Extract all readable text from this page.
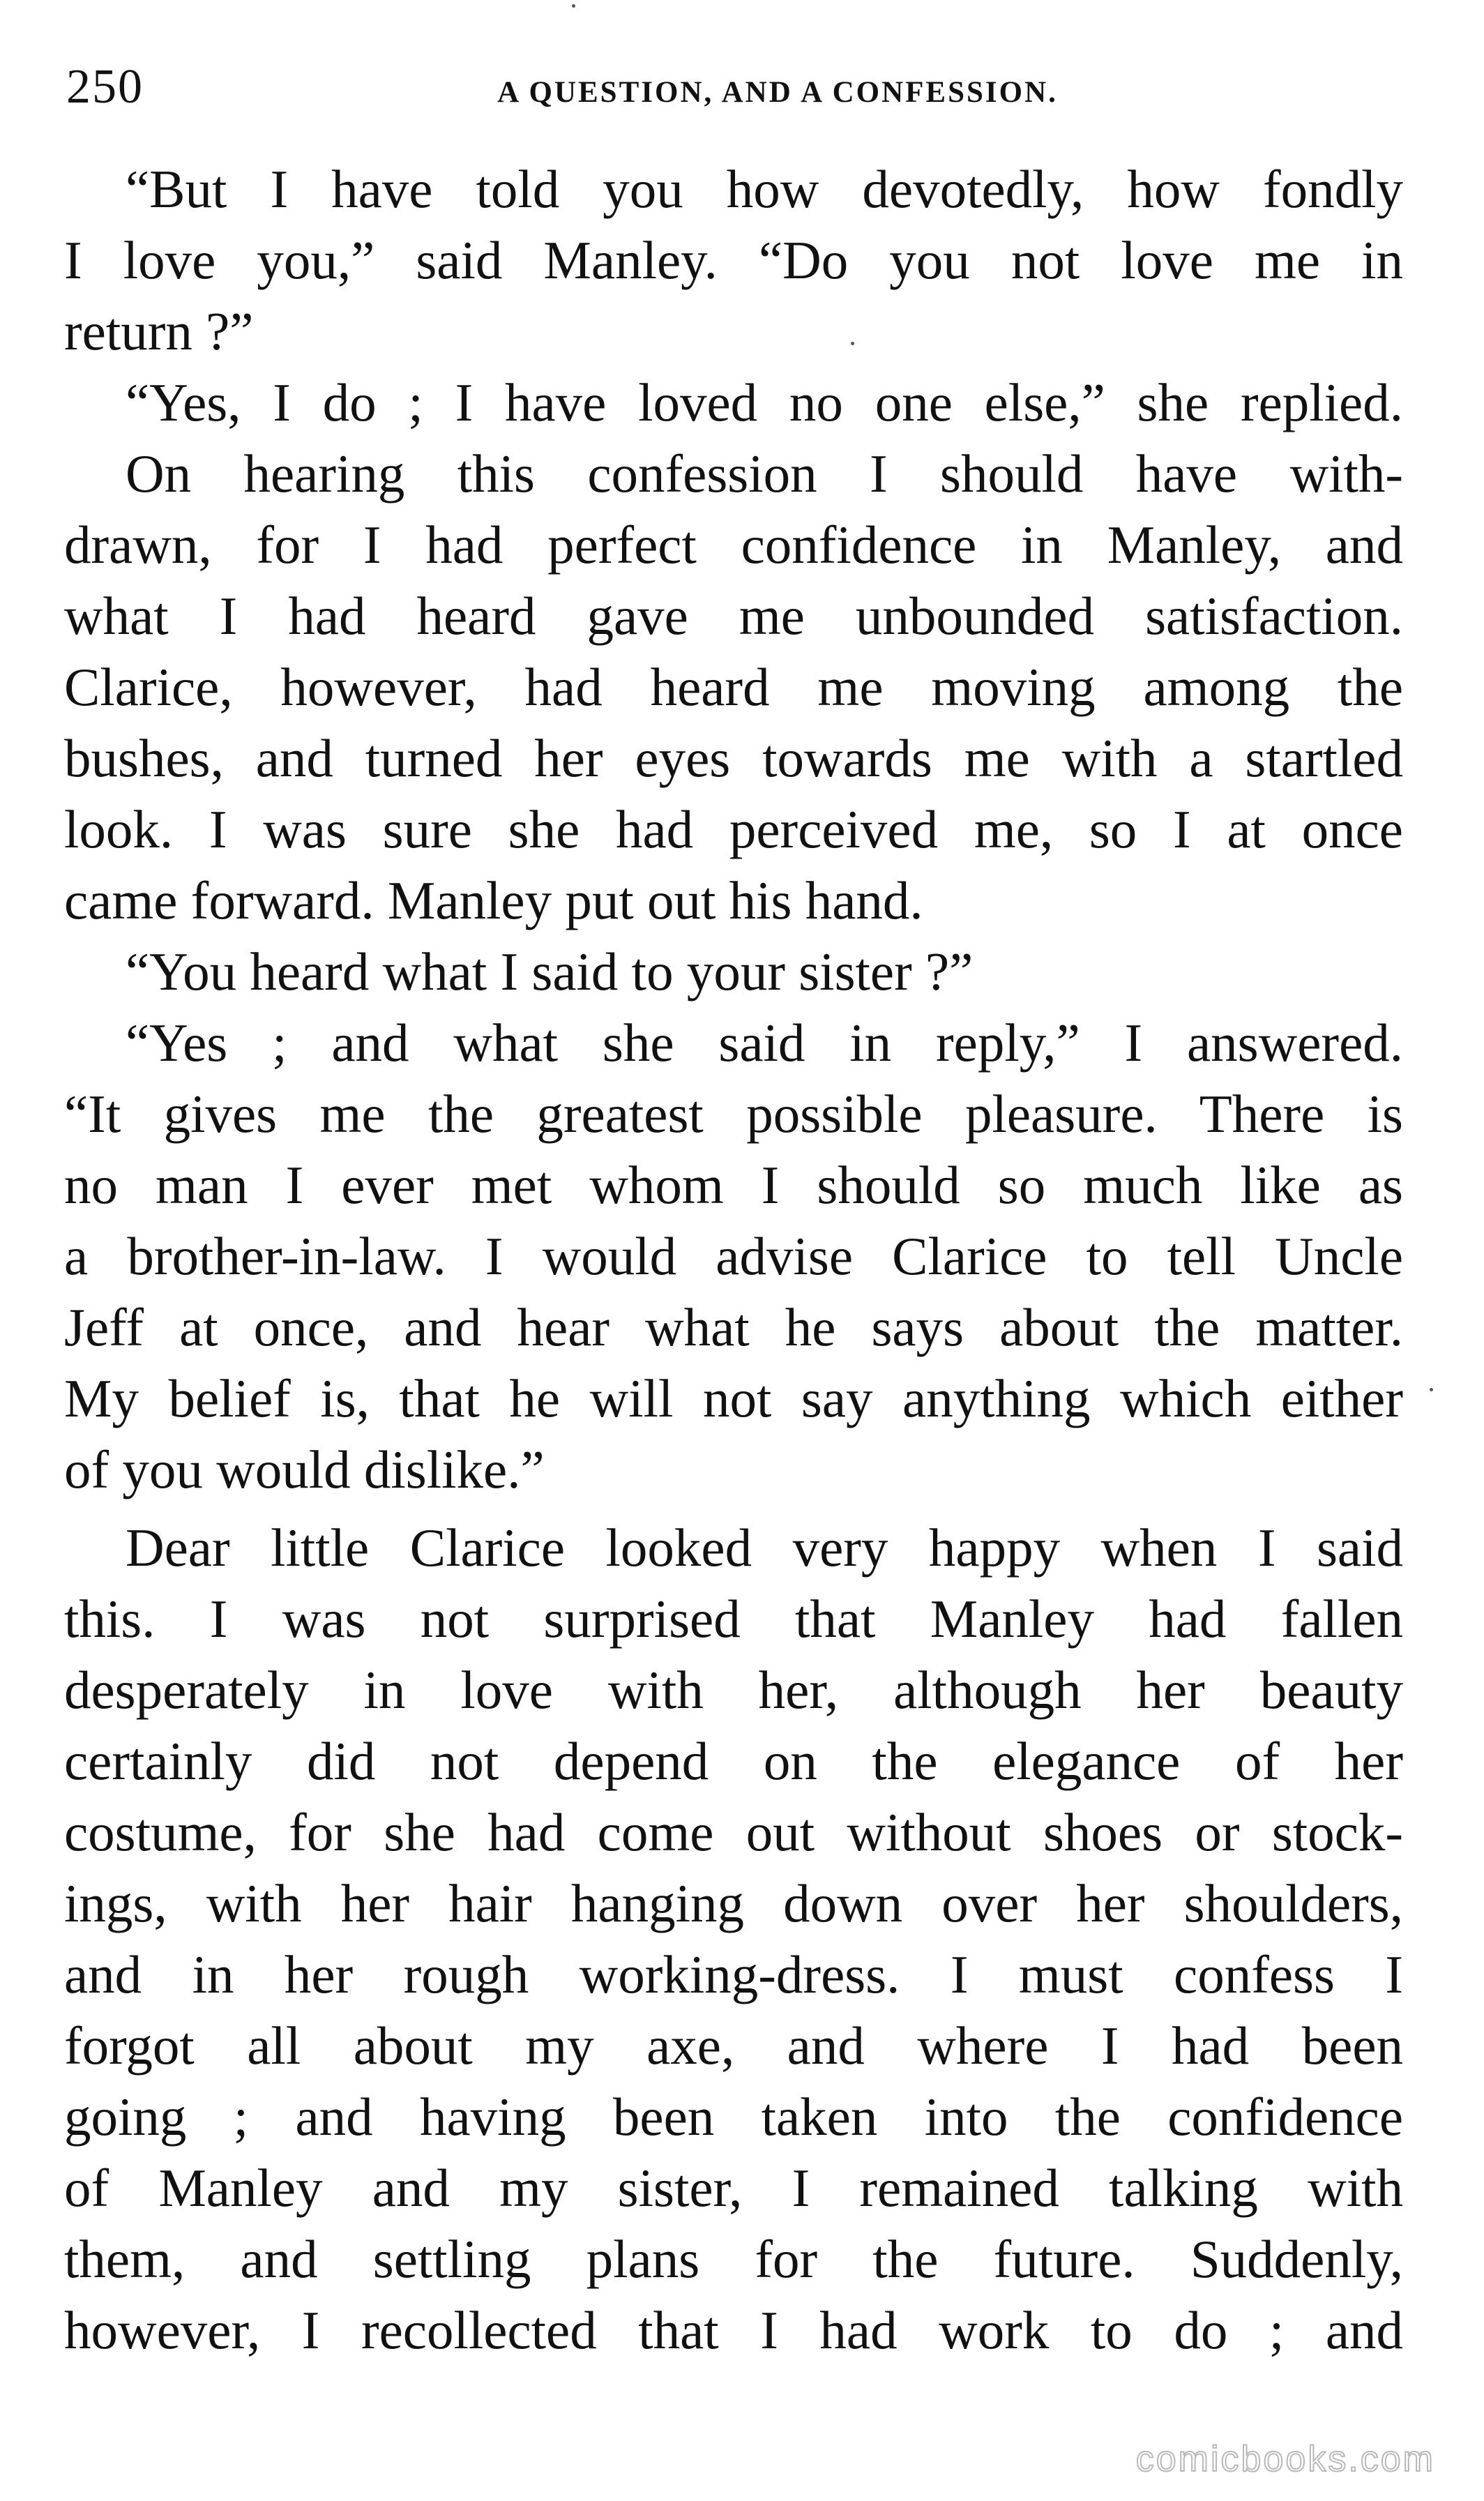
250	A QUESTION, AND A CONFESSION.
“But I have told you how devotedly, how fondly
I love you,” said Manley. “Do you not love me in
return ?”
“Yes, I do ; I have loved no one else,” she replied.
On hearing this confession I should have with-
drawn, for I had perfect confidence in Manley, and
what I had heard gave me unbounded satisfaction.
Clarice, however, had heard me moving among the
bushes, and turned her eyes towards me with a startled
look. I was sure she had perceived me, so I at once
came forward. Manley put out his hand.
“You heard what I said to your sister ?”
“Yes ; and what she said in reply,” I answered.
“It gives me the greatest possible pleasure. There is
no man I ever met whom I should so much like as
a brother-in-law. I would advise Clarice to tell Uncle
Jeff at once, and hear what he says about the matter.
My belief is, that he will not say anything which either
of you would dislike.”
Dear little Clarice looked very happy when I said
this. I was not surprised that Manley had fallen
desperately in love with her, although her beauty
certainly did not depend on the elegance of her
costume, for she had come out without shoes or stock-
ings, with her hair hanging down over her shoulders,
and in her rough working-dress. I must confess I
forgot all about my axe, and where I had been
going ; and having been taken into the confidence
of Manley and my sister, I remained talking with
them, and settling plans for the future. Suddenly,
however, I recollected that I had work to do ; and
comicbooks.com
